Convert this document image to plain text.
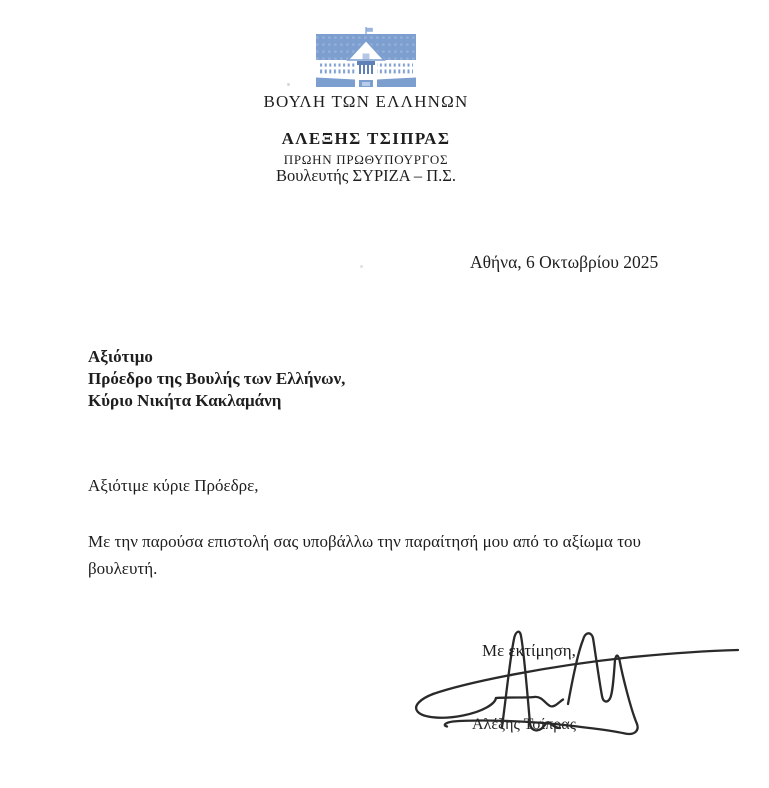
ΒΟΥΛΗ ΤΩΝ ΕΛΛΗΝΩΝ
ΑΛΕΞΗΣ ΤΣΙΠΡΑΣ
ΠΡΩΗΝ ΠΡΩΘΥΠΟΥΡΓΟΣ
Βουλευτής ΣΥΡΙΖΑ – Π.Σ.
Αθήνα, 6 Οκτωβρίου 2025
Αξιότιμο
Πρόεδρο της Βουλής των Ελλήνων,
Κύριο Νικήτα Κακλαμάνη
Αξιότιμε κύριε Πρόεδρε,

Με την παρούσα επιστολή σας υποβάλλω την παραίτησή μου από το αξίωμα του βουλευτή.

Με εκτίμηση,
Αλέξης Τσίπρας
